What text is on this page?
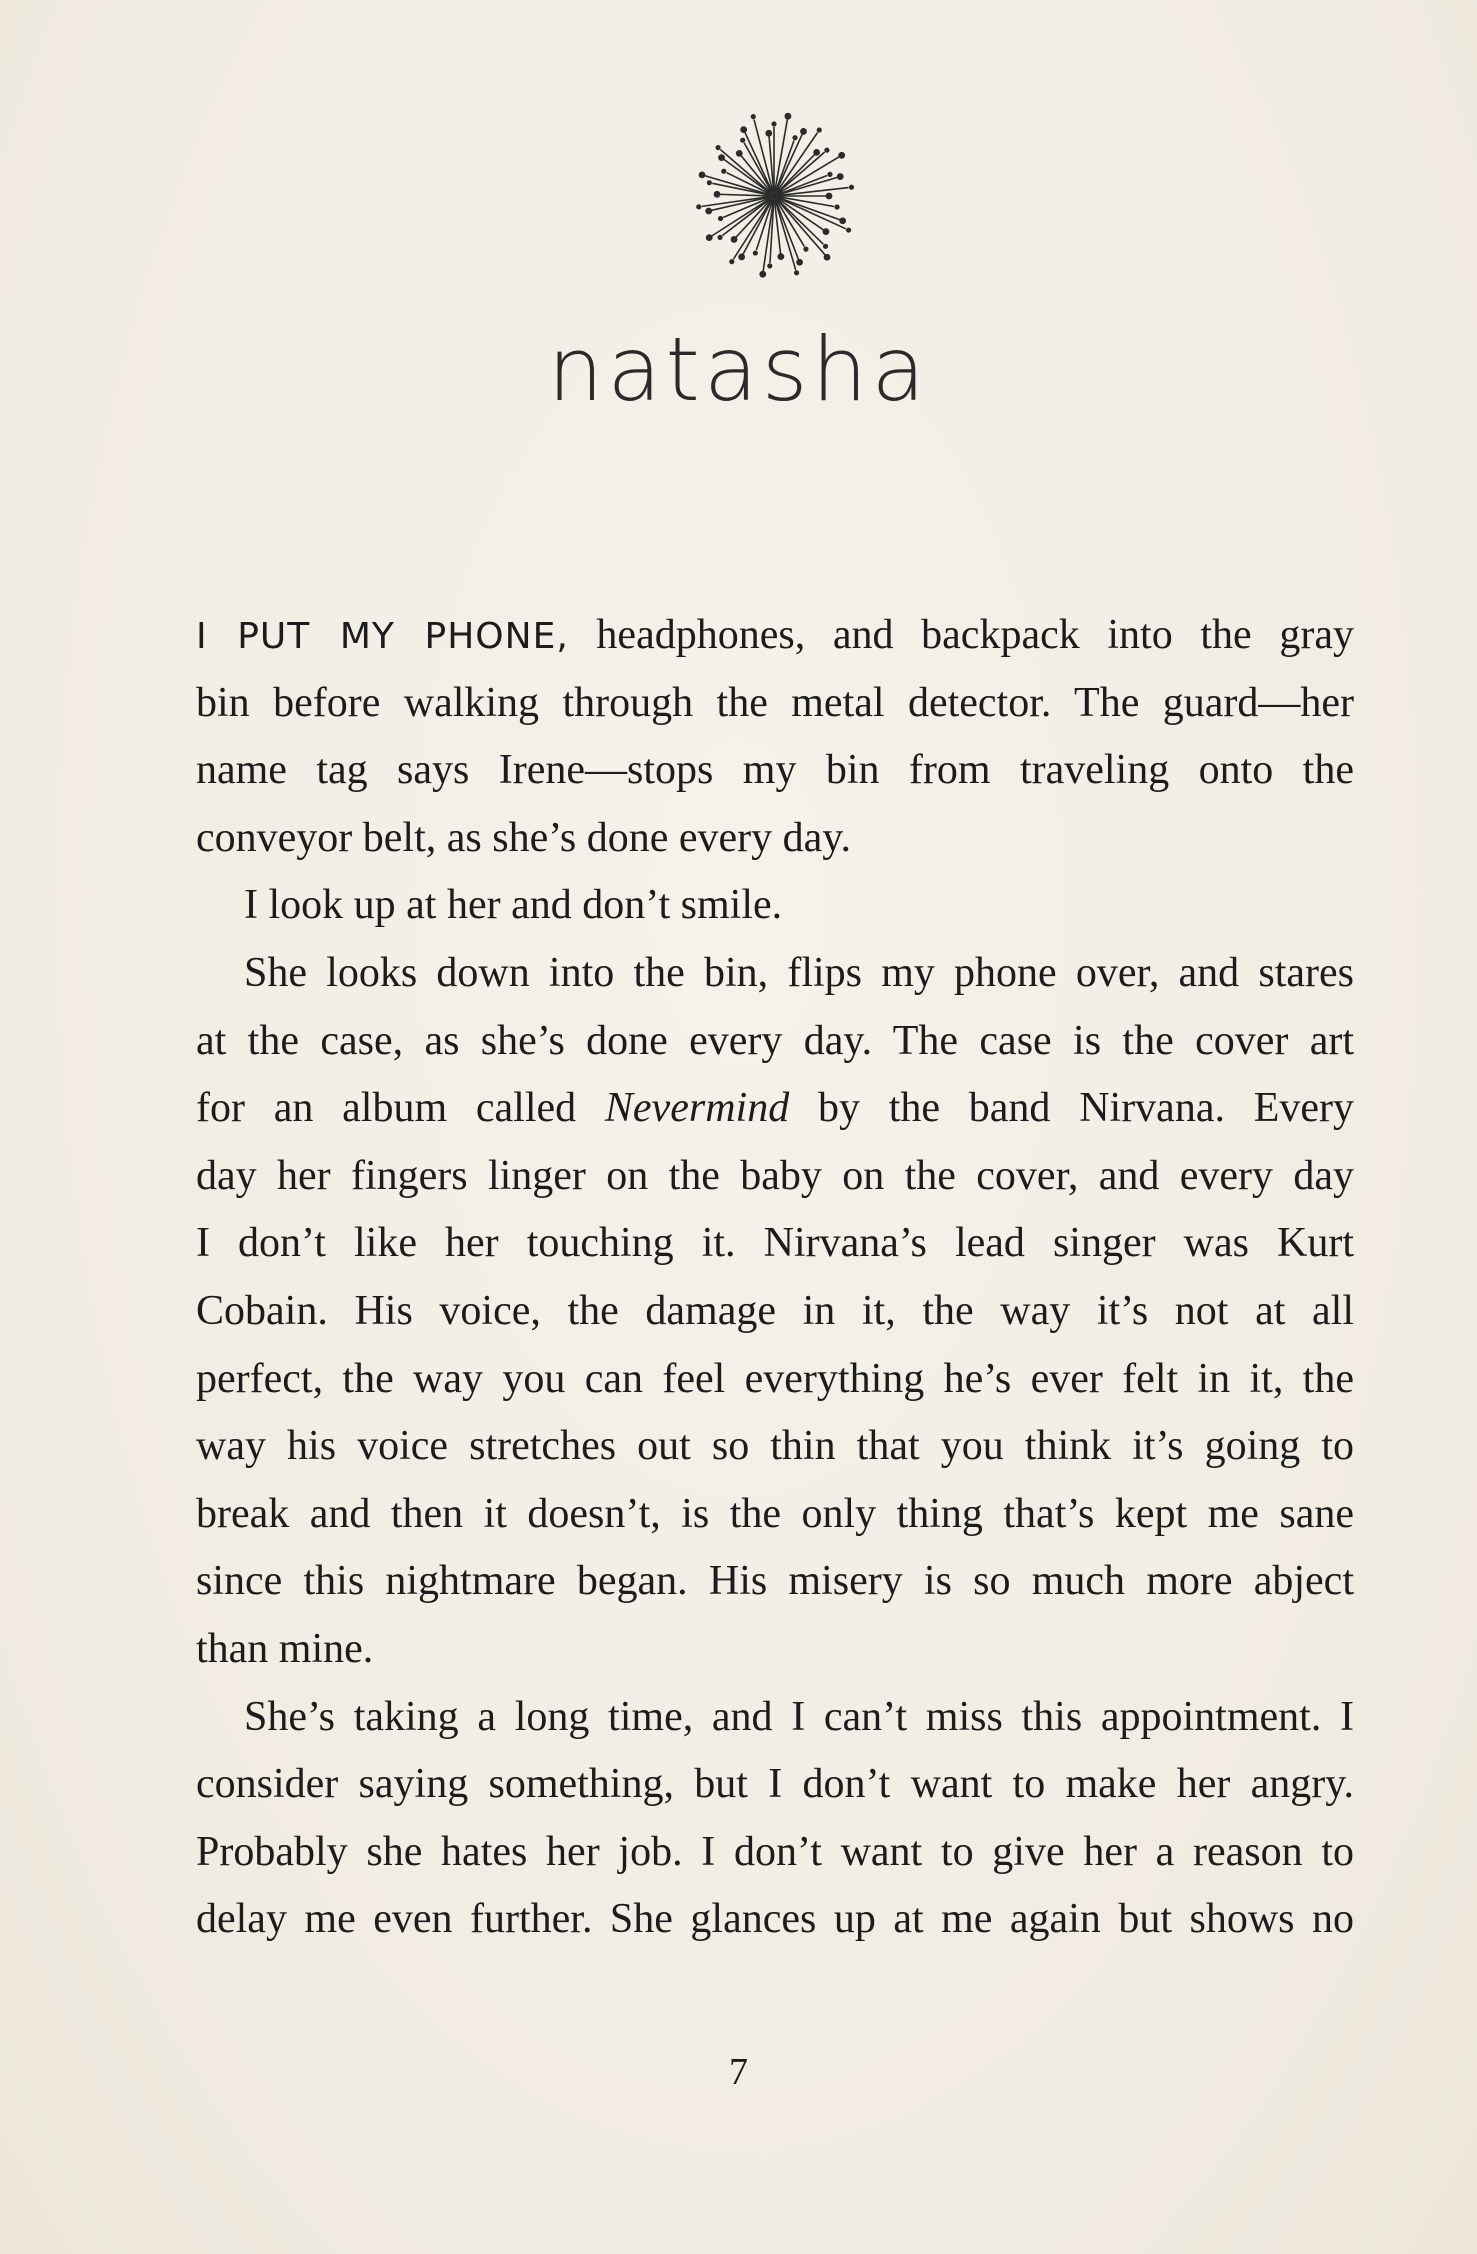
natasha
I PUT MY PHONE, headphones, and backpack into the gray
bin before walking through the metal detector. The guard—her
name tag says Irene—stops my bin from traveling onto the
conveyor belt, as she’s done every day.
I look up at her and don’t smile.
She looks down into the bin, flips my phone over, and stares
at the case, as she’s done every day. The case is the cover art
for an album called Nevermind by the band Nirvana. Every
day her fingers linger on the baby on the cover, and every day
I don’t like her touching it. Nirvana’s lead singer was Kurt
Cobain. His voice, the damage in it, the way it’s not at all
perfect, the way you can feel everything he’s ever felt in it, the
way his voice stretches out so thin that you think it’s going to
break and then it doesn’t, is the only thing that’s kept me sane
since this nightmare began. His misery is so much more abject
than mine.
She’s taking a long time, and I can’t miss this appointment. I
consider saying something, but I don’t want to make her angry.
Probably she hates her job. I don’t want to give her a reason to
delay me even further. She glances up at me again but shows no
7
